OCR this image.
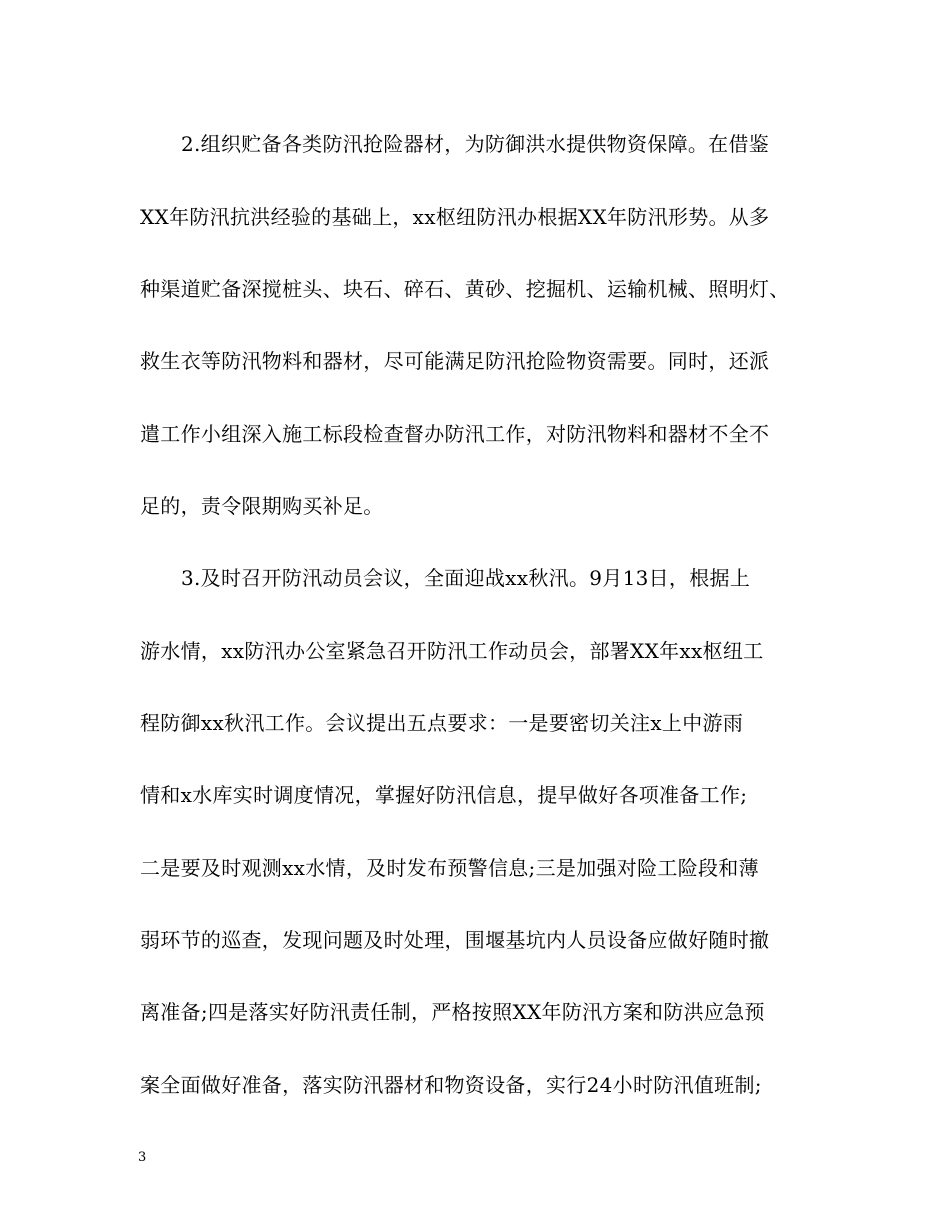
2.组织贮备各类防汛抢险器材，为防御洪水提供物资保障。在借鉴
XX年防汛抗洪经验的基础上，xx枢纽防汛办根据XX年防汛形势。从多
种渠道贮备深搅桩头、块石、碎石、黄砂、挖掘机、运输机械、照明灯、
救生衣等防汛物料和器材，尽可能满足防汛抢险物资需要。同时，还派
遣工作小组深入施工标段检查督办防汛工作，对防汛物料和器材不全不
足的，责令限期购买补足。
3.及时召开防汛动员会议，全面迎战xx秋汛。9月13日，根据上
游水情，xx防汛办公室紧急召开防汛工作动员会，部署XX年xx枢纽工
程防御xx秋汛工作。会议提出五点要求：一是要密切关注x上中游雨
情和x水库实时调度情况，掌握好防汛信息，提早做好各项准备工作;
二是要及时观测xx水情，及时发布预警信息;三是加强对险工险段和薄
弱环节的巡查，发现问题及时处理，围堰基坑内人员设备应做好随时撤
离准备;四是落实好防汛责任制，严格按照XX年防汛方案和防洪应急预
案全面做好准备，落实防汛器材和物资设备，实行24小时防汛值班制;
3
